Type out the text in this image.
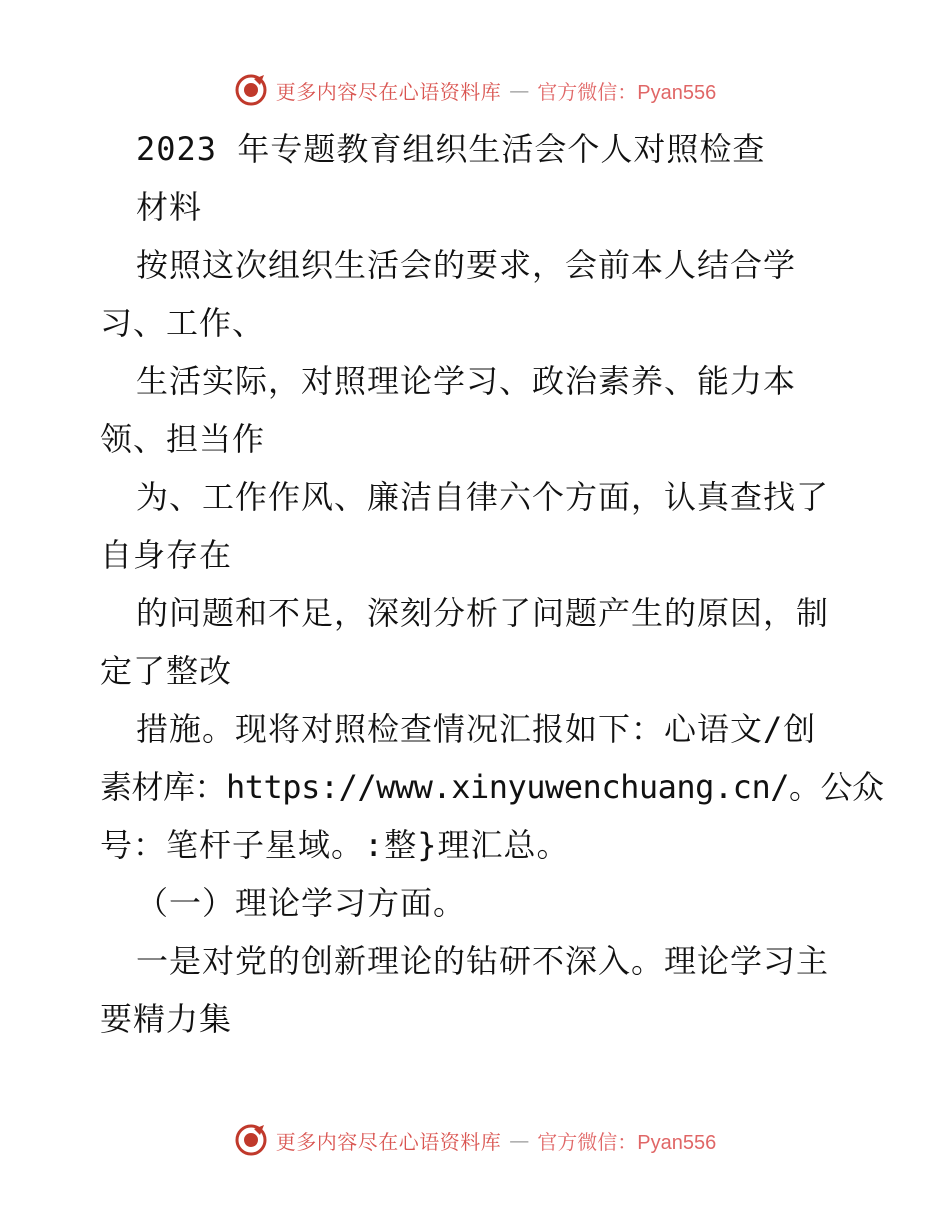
更多内容尽在心语资料库 — 官方微信：Pyan556
2023 年专题教育组织生活会个人对照检查
材料
按照这次组织生活会的要求，会前本人结合学
习、工作、
生活实际，对照理论学习、政治素养、能力本
领、担当作
为、工作作风、廉洁自律六个方面，认真查找了
自身存在
的问题和不足，深刻分析了问题产生的原因，制
定了整改
措施。现将对照检查情况汇报如下：心语文/创
素材库：https://www.xinyuwenchuang.cn/。公众
号：笔杆子星域。:整}理汇总。
（一）理论学习方面。
一是对党的创新理论的钻研不深入。理论学习主
要精力集
更多内容尽在心语资料库 — 官方微信：Pyan556
